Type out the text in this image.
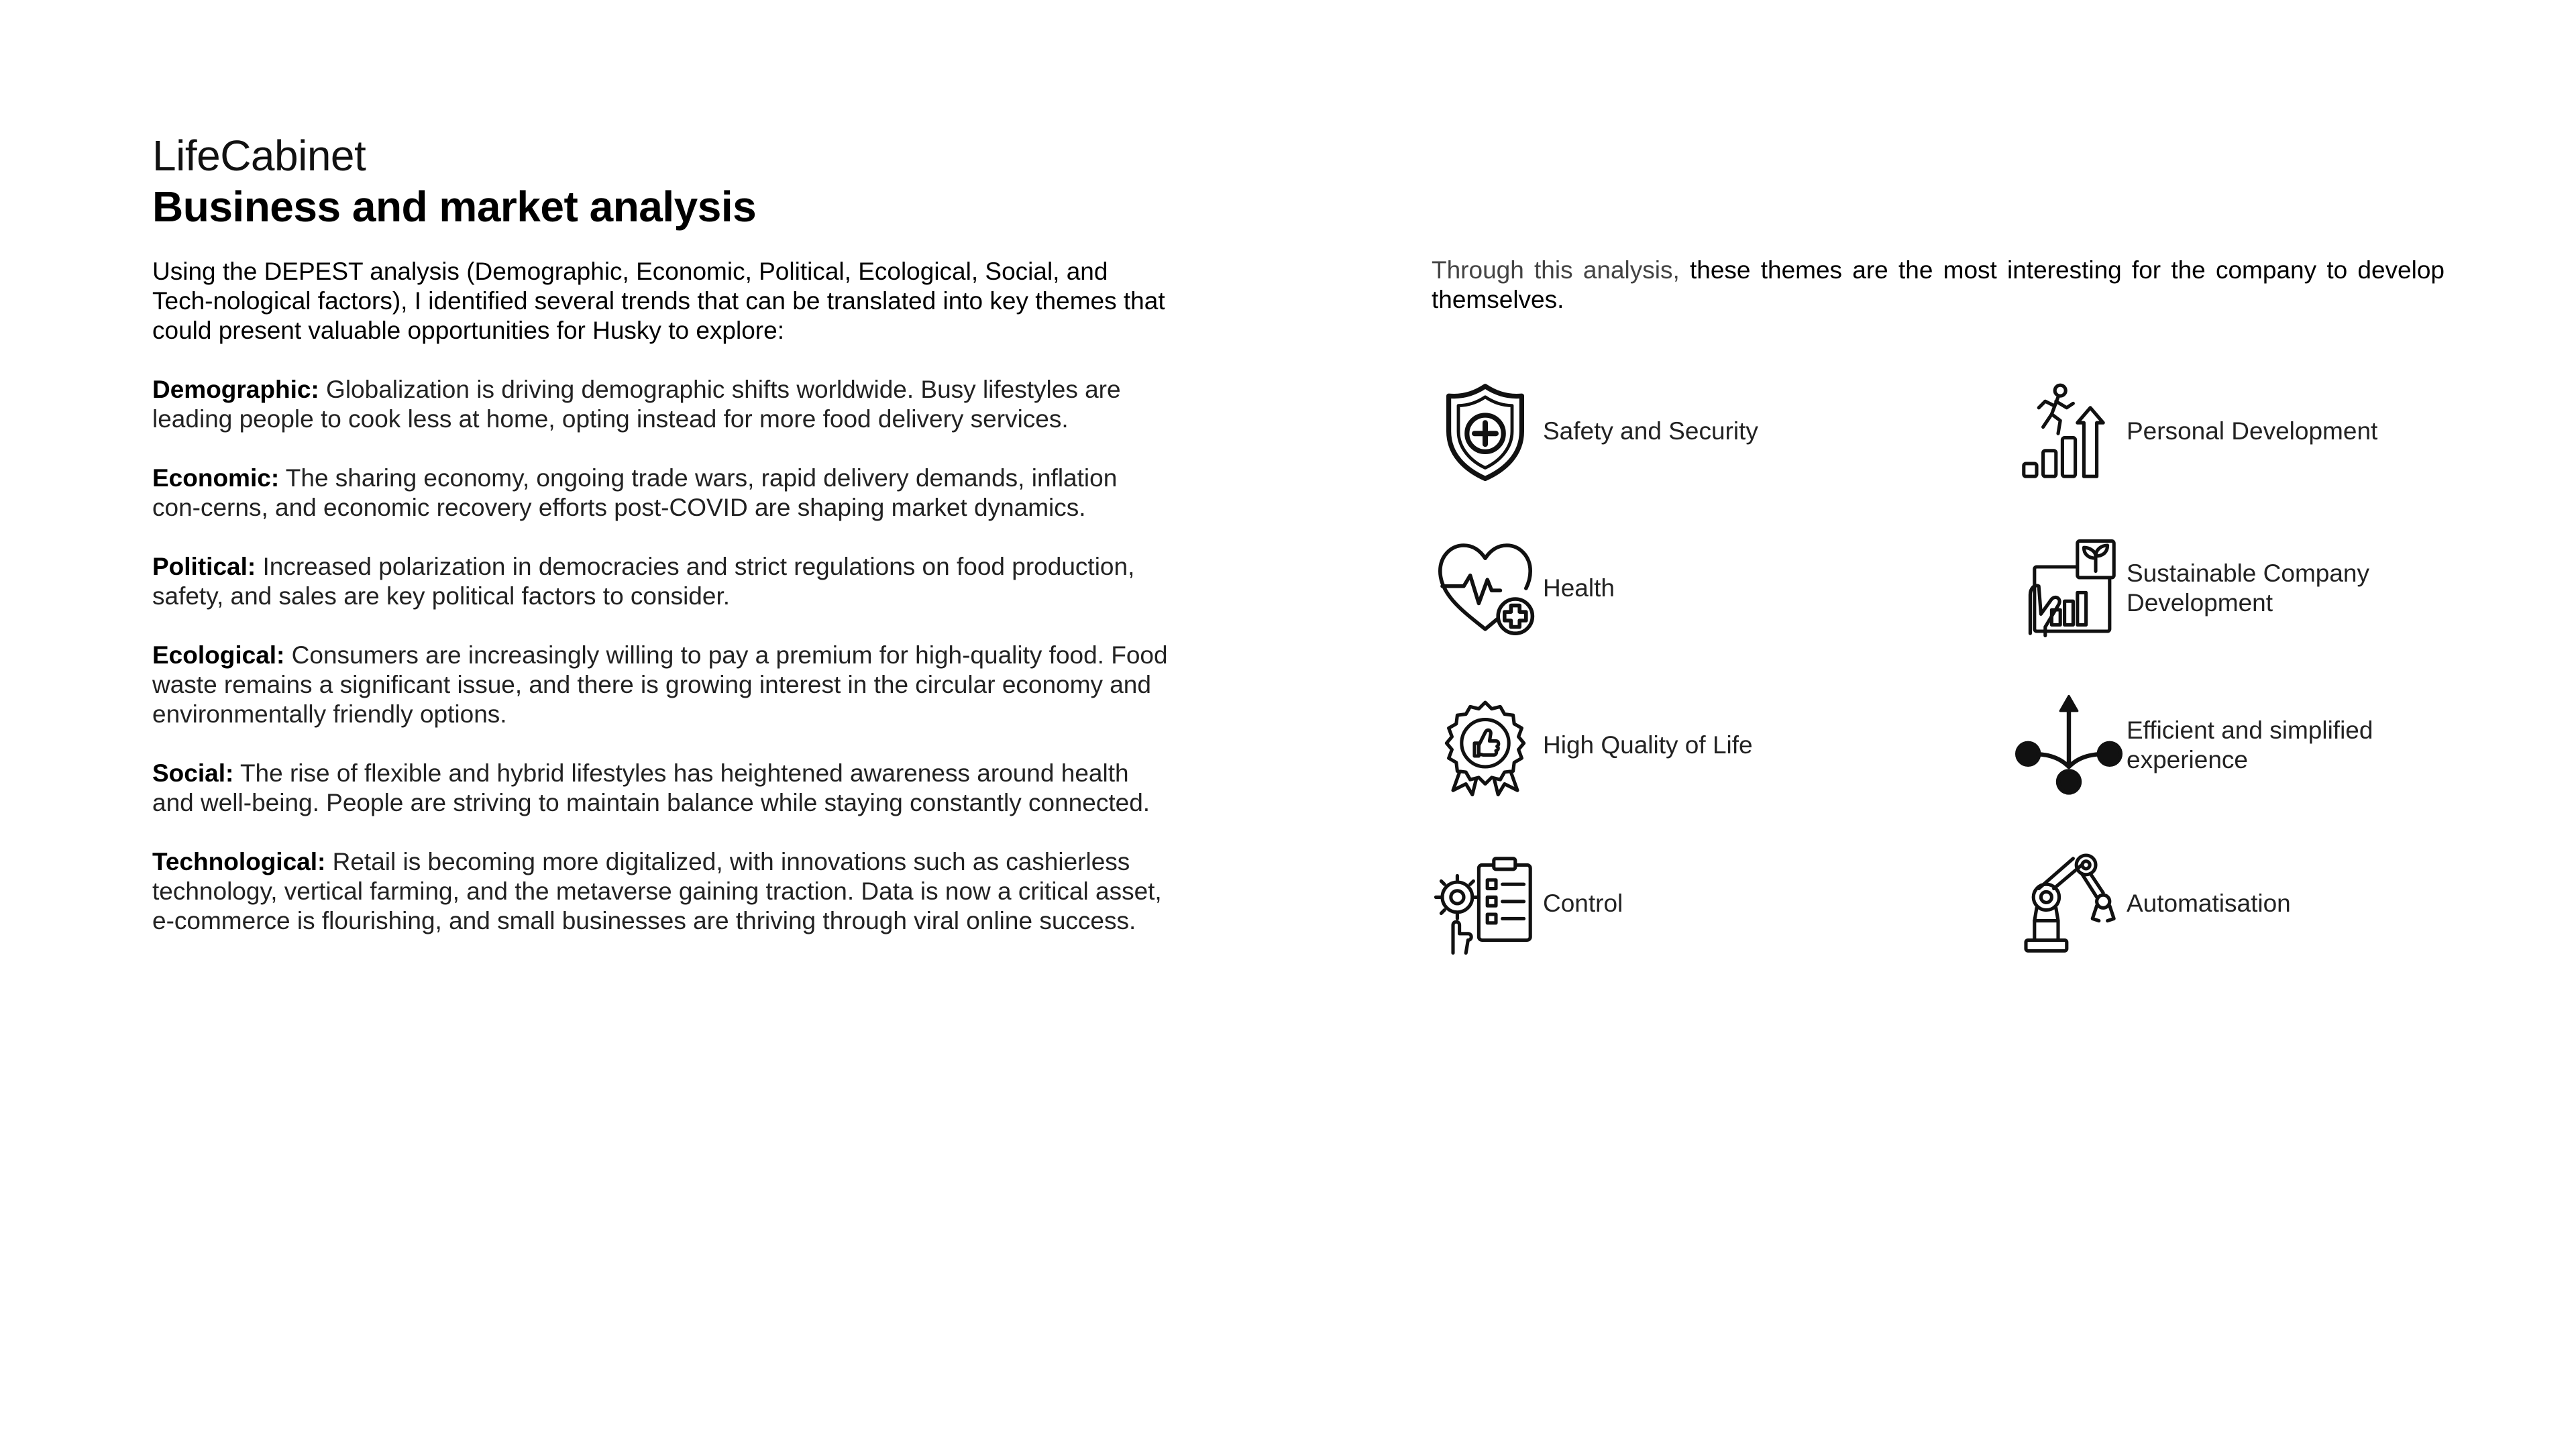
LifeCabinet
Business and market analysis

Using the DEPEST analysis (Demographic, Economic, Political, Ecological, Social, and Tech-nological factors), I identified several trends that can be translated into key themes that could present valuable opportunities for Husky to explore:

Demographic: Globalization is driving demographic shifts worldwide. Busy lifestyles are leading people to cook less at home, opting instead for more food delivery services.

Economic: The sharing economy, ongoing trade wars, rapid delivery demands, inflation con-cerns, and economic recovery efforts post-COVID are shaping market dynamics.

Political: Increased polarization in democracies and strict regulations on food production, safety, and sales are key political factors to consider.

Ecological: Consumers are increasingly willing to pay a premium for high-quality food. Food waste remains a significant issue, and there is growing interest in the circular economy and environmentally friendly options.

Social: The rise of flexible and hybrid lifestyles has heightened awareness around health and well-being. People are striving to maintain balance while staying constantly connected.

Technological: Retail is becoming more digitalized, with innovations such as cashierless technology, vertical farming, and the metaverse gaining traction. Data is now a critical asset, e-commerce is flourishing, and small businesses are thriving through viral online success.

Through this analysis, these themes are the most interesting for the company to develop themselves.
Safety and Security	Personal Development
Health
Sustainable Company Development
High Quality of Life
Efficient and simplified experience
Control	Automatisation
